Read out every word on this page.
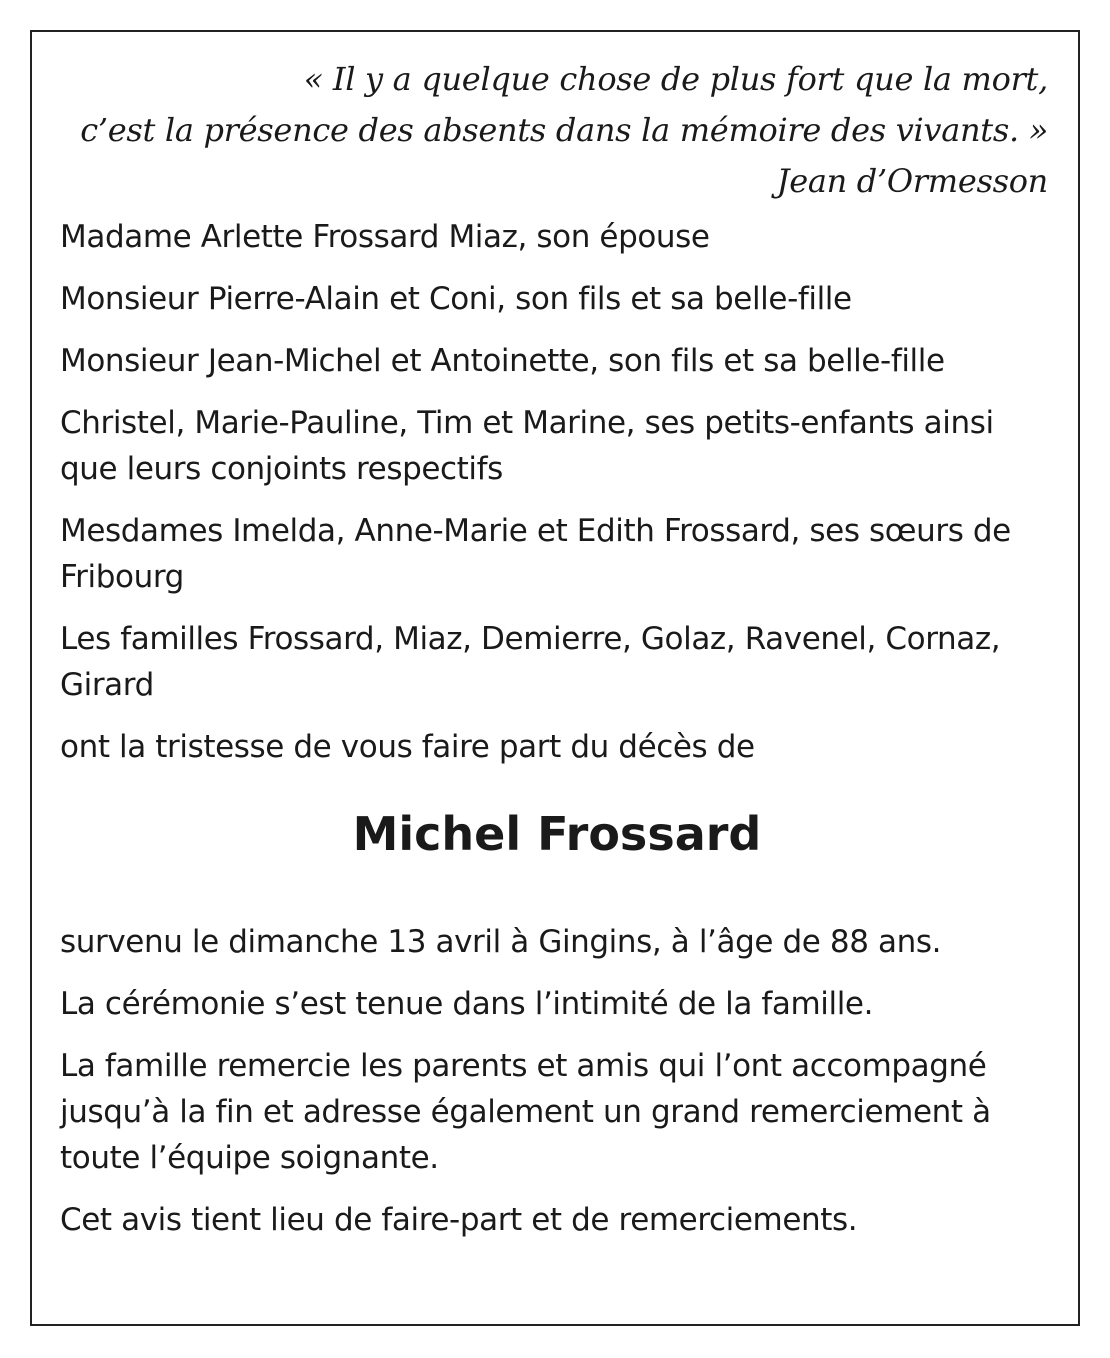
« Il y a quelque chose de plus fort que la mort,
c’est la présence des absents dans la mémoire des vivants. »
Jean d’Ormesson

Madame Arlette Frossard Miaz, son épouse

Monsieur Pierre-Alain et Coni, son fils et sa belle-fille

Monsieur Jean-Michel et Antoinette, son fils et sa belle-fille

Christel, Marie-Pauline, Tim et Marine, ses petits-enfants ainsi que leurs conjoints respectifs

Mesdames Imelda, Anne-Marie et Edith Frossard, ses sœurs de Fribourg

Les familles Frossard, Miaz, Demierre, Golaz, Ravenel, Cornaz, Girard

ont la tristesse de vous faire part du décès de

Michel Frossard

survenu le dimanche 13 avril à Gingins, à l’âge de 88 ans.

La cérémonie s’est tenue dans l’intimité de la famille.

La famille remercie les parents et amis qui l’ont accompagné jusqu’à la fin et adresse également un grand remerciement à toute l’équipe soignante.

Cet avis tient lieu de faire-part et de remerciements.
